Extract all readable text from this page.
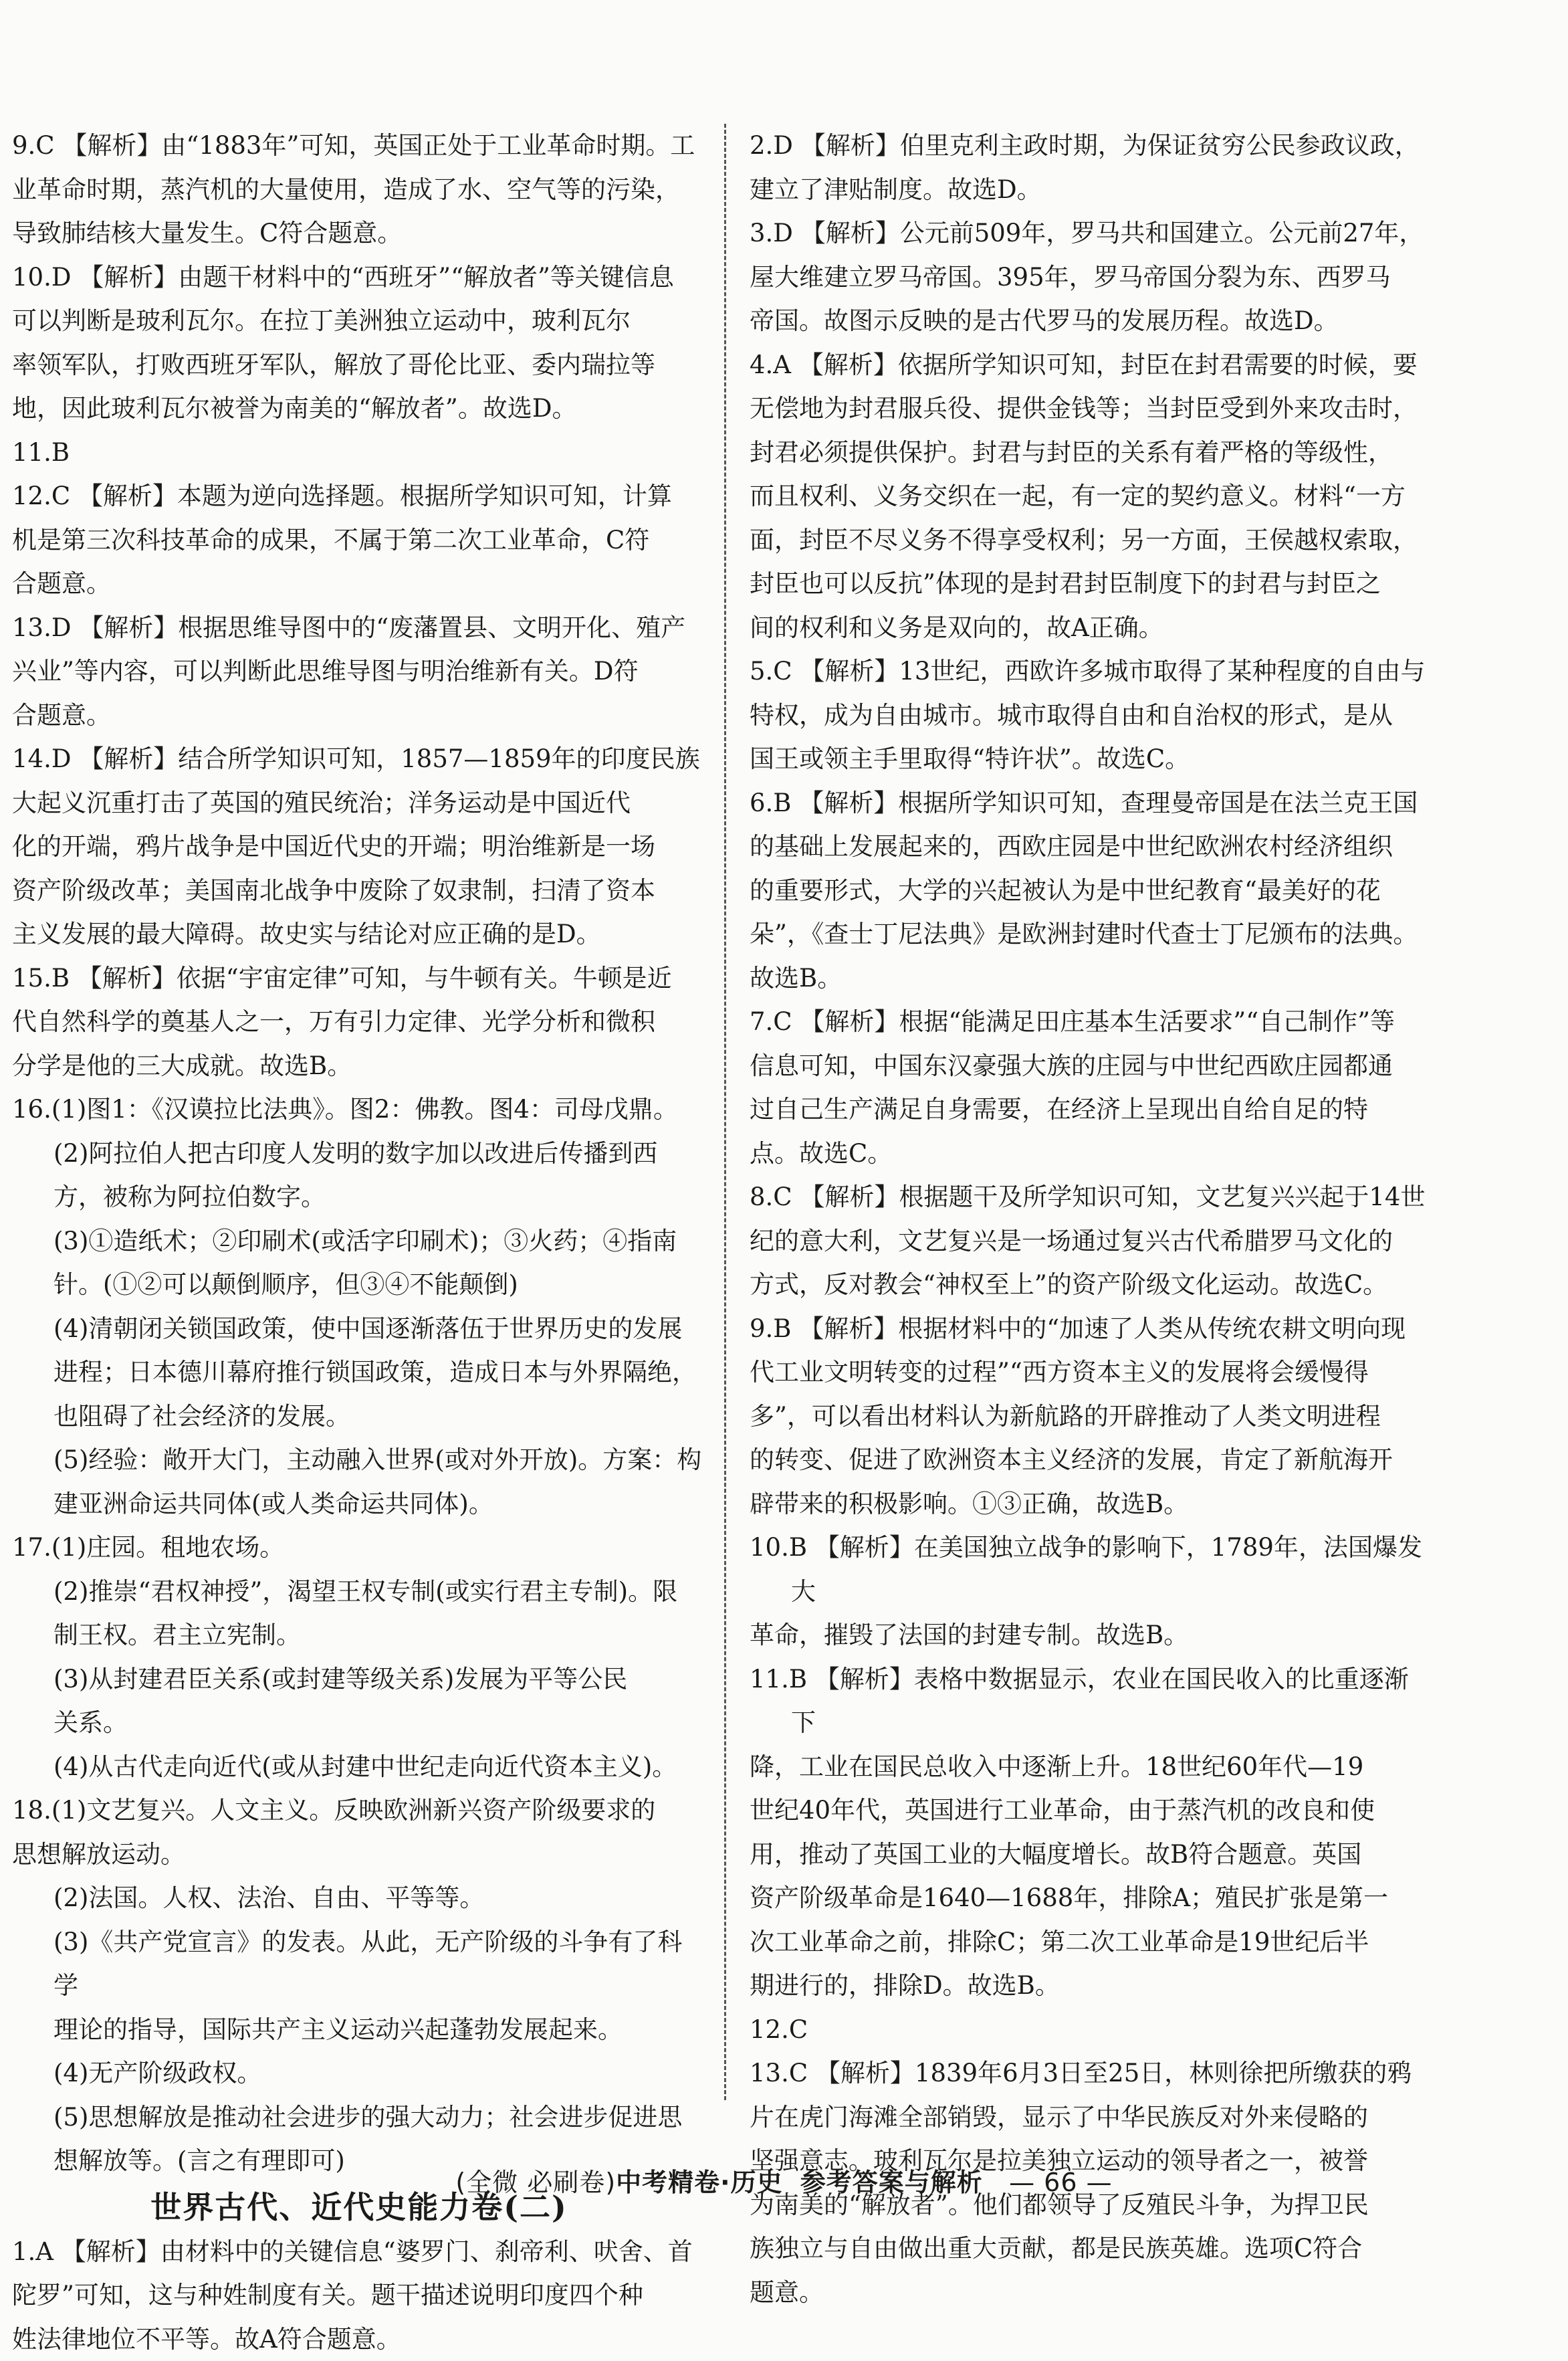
9.C 【解析】由“1883年”可知，英国正处于工业革命时期。工
业革命时期，蒸汽机的大量使用，造成了水、空气等的污染，
导致肺结核大量发生。C符合题意。
10.D 【解析】由题干材料中的“西班牙”“解放者”等关键信息
可以判断是玻利瓦尔。在拉丁美洲独立运动中，玻利瓦尔
率领军队，打败西班牙军队，解放了哥伦比亚、委内瑞拉等
地，因此玻利瓦尔被誉为南美的“解放者”。故选D。
11.B
12.C 【解析】本题为逆向选择题。根据所学知识可知，计算
机是第三次科技革命的成果，不属于第二次工业革命，C符
合题意。
13.D 【解析】根据思维导图中的“废藩置县、文明开化、殖产
兴业”等内容，可以判断此思维导图与明治维新有关。D符
合题意。
14.D 【解析】结合所学知识可知，1857—1859年的印度民族
大起义沉重打击了英国的殖民统治；洋务运动是中国近代
化的开端，鸦片战争是中国近代史的开端；明治维新是一场
资产阶级改革；美国南北战争中废除了奴隶制，扫清了资本
主义发展的最大障碍。故史实与结论对应正确的是D。
15.B 【解析】依据“宇宙定律”可知，与牛顿有关。牛顿是近
代自然科学的奠基人之一，万有引力定律、光学分析和微积
分学是他的三大成就。故选B。
16.(1)图1：《汉谟拉比法典》。图2：佛教。图4：司母戊鼎。
(2)阿拉伯人把古印度人发明的数字加以改进后传播到西
方，被称为阿拉伯数字。
(3)①造纸术；②印刷术(或活字印刷术)；③火药；④指南
针。(①②可以颠倒顺序，但③④不能颠倒)
(4)清朝闭关锁国政策，使中国逐渐落伍于世界历史的发展
进程；日本德川幕府推行锁国政策，造成日本与外界隔绝，
也阻碍了社会经济的发展。
(5)经验：敞开大门，主动融入世界(或对外开放)。方案：构
建亚洲命运共同体(或人类命运共同体)。
17.(1)庄园。租地农场。
(2)推崇“君权神授”，渴望王权专制(或实行君主专制)。限
制王权。君主立宪制。
(3)从封建君臣关系(或封建等级关系)发展为平等公民
关系。
(4)从古代走向近代(或从封建中世纪走向近代资本主义)。
18.(1)文艺复兴。人文主义。反映欧洲新兴资产阶级要求的
思想解放运动。
(2)法国。人权、法治、自由、平等等。
(3)《共产党宣言》的发表。从此，无产阶级的斗争有了科学
理论的指导，国际共产主义运动兴起蓬勃发展起来。
(4)无产阶级政权。
(5)思想解放是推动社会进步的强大动力；社会进步促进思
想解放等。(言之有理即可)
世界古代、近代史能力卷(二)
1.A 【解析】由材料中的关键信息“婆罗门、刹帝利、吠舍、首
陀罗”可知，这与种姓制度有关。题干描述说明印度四个种
姓法律地位不平等。故A符合题意。
2.D 【解析】伯里克利主政时期，为保证贫穷公民参政议政，
建立了津贴制度。故选D。
3.D 【解析】公元前509年，罗马共和国建立。公元前27年，
屋大维建立罗马帝国。395年，罗马帝国分裂为东、西罗马
帝国。故图示反映的是古代罗马的发展历程。故选D。
4.A 【解析】依据所学知识可知，封臣在封君需要的时候，要
无偿地为封君服兵役、提供金钱等；当封臣受到外来攻击时，
封君必须提供保护。封君与封臣的关系有着严格的等级性，
而且权利、义务交织在一起，有一定的契约意义。材料“一方
面，封臣不尽义务不得享受权利；另一方面，王侯越权索取，
封臣也可以反抗”体现的是封君封臣制度下的封君与封臣之
间的权利和义务是双向的，故A正确。
5.C 【解析】13世纪，西欧许多城市取得了某种程度的自由与
特权，成为自由城市。城市取得自由和自治权的形式，是从
国王或领主手里取得“特许状”。故选C。
6.B 【解析】根据所学知识可知，查理曼帝国是在法兰克王国
的基础上发展起来的，西欧庄园是中世纪欧洲农村经济组织
的重要形式，大学的兴起被认为是中世纪教育“最美好的花
朵”，《查士丁尼法典》是欧洲封建时代查士丁尼颁布的法典。
故选B。
7.C 【解析】根据“能满足田庄基本生活要求”“自己制作”等
信息可知，中国东汉豪强大族的庄园与中世纪西欧庄园都通
过自己生产满足自身需要，在经济上呈现出自给自足的特
点。故选C。
8.C 【解析】根据题干及所学知识可知，文艺复兴兴起于14世
纪的意大利，文艺复兴是一场通过复兴古代希腊罗马文化的
方式，反对教会“神权至上”的资产阶级文化运动。故选C。
9.B 【解析】根据材料中的“加速了人类从传统农耕文明向现
代工业文明转变的过程”“西方资本主义的发展将会缓慢得
多”，可以看出材料认为新航路的开辟推动了人类文明进程
的转变、促进了欧洲资本主义经济的发展，肯定了新航海开
辟带来的积极影响。①③正确，故选B。
10.B 【解析】在美国独立战争的影响下，1789年，法国爆发大
革命，摧毁了法国的封建专制。故选B。
11.B 【解析】表格中数据显示，农业在国民收入的比重逐渐下
降，工业在国民总收入中逐渐上升。18世纪60年代—19
世纪40年代，英国进行工业革命，由于蒸汽机的改良和使
用，推动了英国工业的大幅度增长。故B符合题意。英国
资产阶级革命是1640—1688年，排除A；殖民扩张是第一
次工业革命之前，排除C；第二次工业革命是19世纪后半
期进行的，排除D。故选B。
12.C
13.C 【解析】1839年6月3日至25日，林则徐把所缴获的鸦
片在虎门海滩全部销毁，显示了中华民族反对外来侵略的
坚强意志。玻利瓦尔是拉美独立运动的领导者之一，被誉
为南美的“解放者”。他们都领导了反殖民斗争，为捍卫民
族独立与自由做出重大贡献，都是民族英雄。选项C符合
题意。
(全微 必刷卷)中考精卷·历史 参考答案与解析 — 66 —
